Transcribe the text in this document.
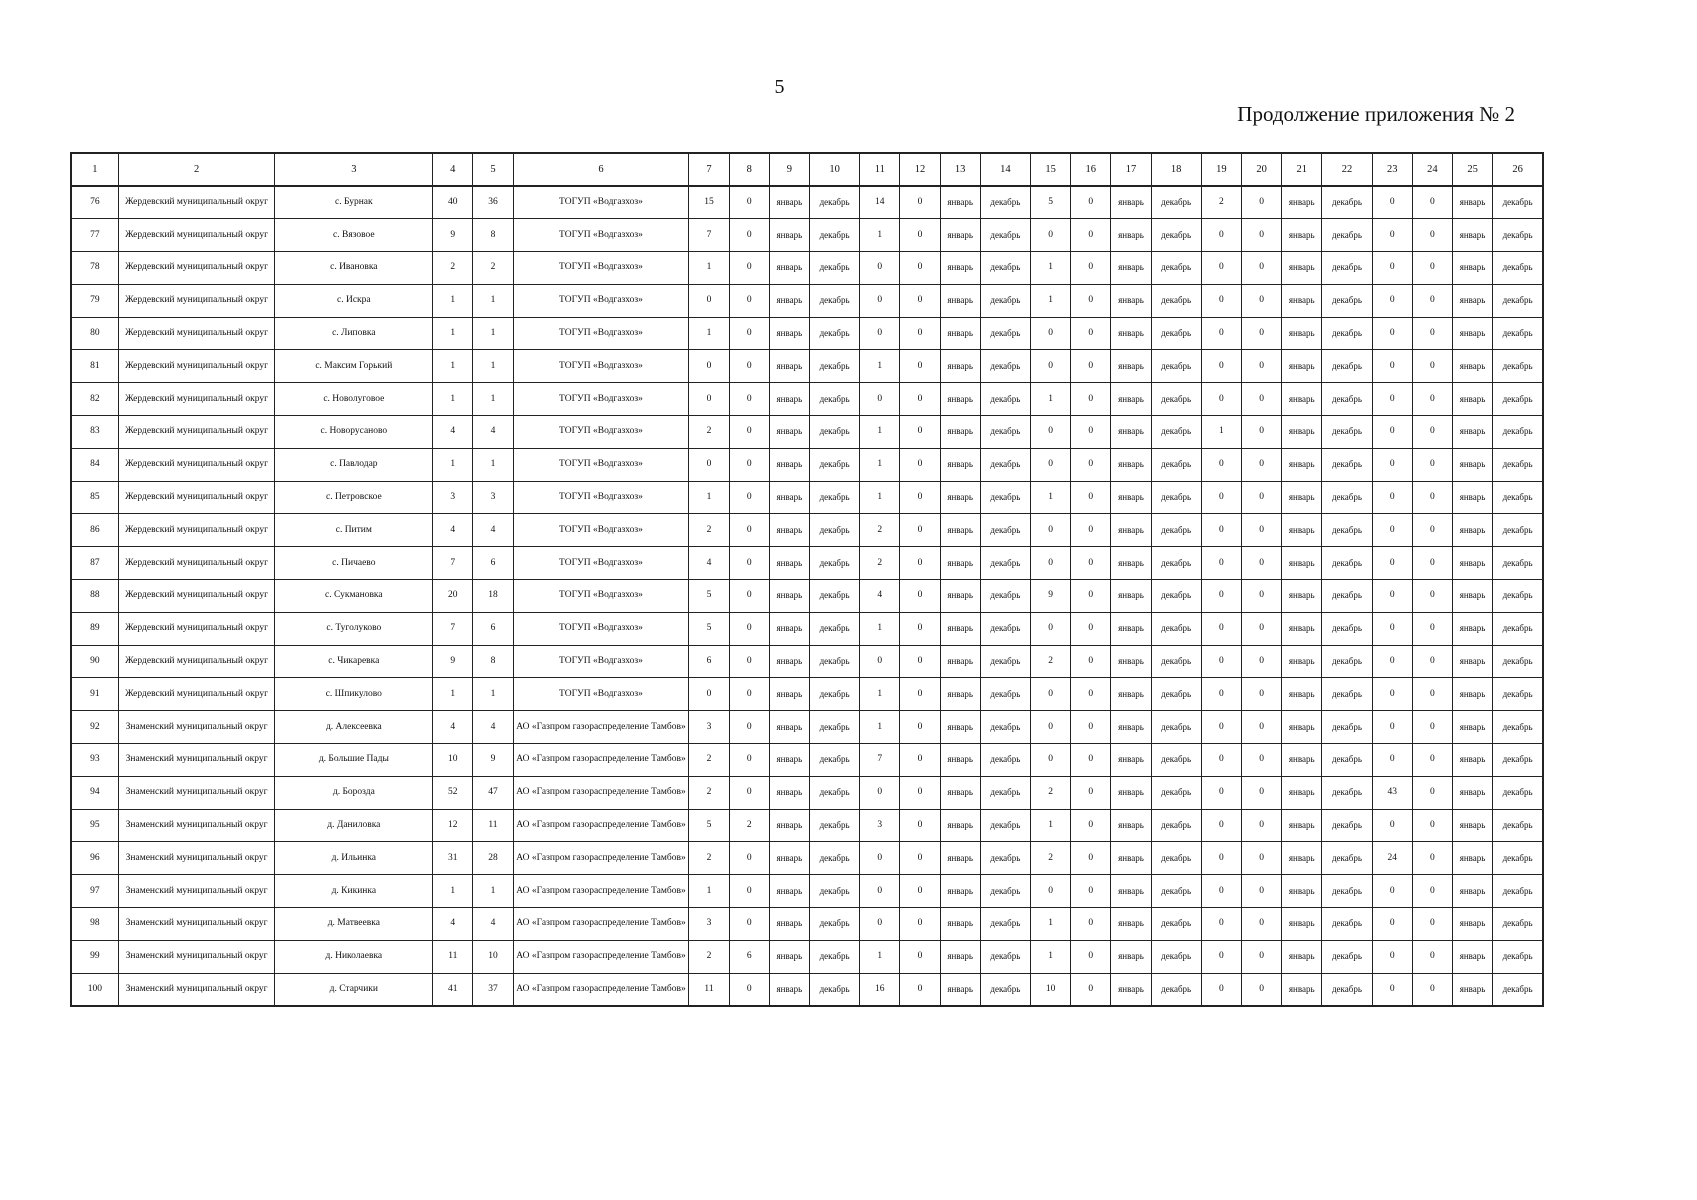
5
Продолжение приложения № 2
1	2	3	4	5	6	7	8	9	10	11	12	13	14	15	16	17	18	19	20	21	22	23	24	25	26
76	Жердевский муниципальный округ	с. Бурнак	40	36	ТОГУП «Водгазхоз»	15	0	январь	декабрь	14	0	январь	декабрь	5	0	январь	декабрь	2	0	январь	декабрь	0	0	январь	декабрь
77	Жердевский муниципальный округ	с. Вязовое	9	8	ТОГУП «Водгазхоз»	7	0	январь	декабрь	1	0	январь	декабрь	0	0	январь	декабрь	0	0	январь	декабрь	0	0	январь	декабрь
78	Жердевский муниципальный округ	с. Ивановка	2	2	ТОГУП «Водгазхоз»	1	0	январь	декабрь	0	0	январь	декабрь	1	0	январь	декабрь	0	0	январь	декабрь	0	0	январь	декабрь
79	Жердевский муниципальный округ	с. Искра	1	1	ТОГУП «Водгазхоз»	0	0	январь	декабрь	0	0	январь	декабрь	1	0	январь	декабрь	0	0	январь	декабрь	0	0	январь	декабрь
80	Жердевский муниципальный округ	с. Липовка	1	1	ТОГУП «Водгазхоз»	1	0	январь	декабрь	0	0	январь	декабрь	0	0	январь	декабрь	0	0	январь	декабрь	0	0	январь	декабрь
81	Жердевский муниципальный округ	с. Максим Горький	1	1	ТОГУП «Водгазхоз»	0	0	январь	декабрь	1	0	январь	декабрь	0	0	январь	декабрь	0	0	январь	декабрь	0	0	январь	декабрь
82	Жердевский муниципальный округ	с. Новолуговое	1	1	ТОГУП «Водгазхоз»	0	0	январь	декабрь	0	0	январь	декабрь	1	0	январь	декабрь	0	0	январь	декабрь	0	0	январь	декабрь
83	Жердевский муниципальный округ	с. Новорусаново	4	4	ТОГУП «Водгазхоз»	2	0	январь	декабрь	1	0	январь	декабрь	0	0	январь	декабрь	1	0	январь	декабрь	0	0	январь	декабрь
84	Жердевский муниципальный округ	с. Павлодар	1	1	ТОГУП «Водгазхоз»	0	0	январь	декабрь	1	0	январь	декабрь	0	0	январь	декабрь	0	0	январь	декабрь	0	0	январь	декабрь
85	Жердевский муниципальный округ	с. Петровское	3	3	ТОГУП «Водгазхоз»	1	0	январь	декабрь	1	0	январь	декабрь	1	0	январь	декабрь	0	0	январь	декабрь	0	0	январь	декабрь
86	Жердевский муниципальный округ	с. Питим	4	4	ТОГУП «Водгазхоз»	2	0	январь	декабрь	2	0	январь	декабрь	0	0	январь	декабрь	0	0	январь	декабрь	0	0	январь	декабрь
87	Жердевский муниципальный округ	с. Пичаево	7	6	ТОГУП «Водгазхоз»	4	0	январь	декабрь	2	0	январь	декабрь	0	0	январь	декабрь	0	0	январь	декабрь	0	0	январь	декабрь
88	Жердевский муниципальный округ	с. Сукмановка	20	18	ТОГУП «Водгазхоз»	5	0	январь	декабрь	4	0	январь	декабрь	9	0	январь	декабрь	0	0	январь	декабрь	0	0	январь	декабрь
89	Жердевский муниципальный округ	с. Туголуково	7	6	ТОГУП «Водгазхоз»	5	0	январь	декабрь	1	0	январь	декабрь	0	0	январь	декабрь	0	0	январь	декабрь	0	0	январь	декабрь
90	Жердевский муниципальный округ	с. Чикаревка	9	8	ТОГУП «Водгазхоз»	6	0	январь	декабрь	0	0	январь	декабрь	2	0	январь	декабрь	0	0	январь	декабрь	0	0	январь	декабрь
91	Жердевский муниципальный округ	с. Шпикулово	1	1	ТОГУП «Водгазхоз»	0	0	январь	декабрь	1	0	январь	декабрь	0	0	январь	декабрь	0	0	январь	декабрь	0	0	январь	декабрь
92	Знаменский муниципальный округ	д. Алексеевка	4	4	АО «Газпром газораспределение Тамбов»	3	0	январь	декабрь	1	0	январь	декабрь	0	0	январь	декабрь	0	0	январь	декабрь	0	0	январь	декабрь
93	Знаменский муниципальный округ	д. Большие Пады	10	9	АО «Газпром газораспределение Тамбов»	2	0	январь	декабрь	7	0	январь	декабрь	0	0	январь	декабрь	0	0	январь	декабрь	0	0	январь	декабрь
94	Знаменский муниципальный округ	д. Борозда	52	47	АО «Газпром газораспределение Тамбов»	2	0	январь	декабрь	0	0	январь	декабрь	2	0	январь	декабрь	0	0	январь	декабрь	43	0	январь	декабрь
95	Знаменский муниципальный округ	д. Даниловка	12	11	АО «Газпром газораспределение Тамбов»	5	2	январь	декабрь	3	0	январь	декабрь	1	0	январь	декабрь	0	0	январь	декабрь	0	0	январь	декабрь
96	Знаменский муниципальный округ	д. Ильинка	31	28	АО «Газпром газораспределение Тамбов»	2	0	январь	декабрь	0	0	январь	декабрь	2	0	январь	декабрь	0	0	январь	декабрь	24	0	январь	декабрь
97	Знаменский муниципальный округ	д. Кикинка	1	1	АО «Газпром газораспределение Тамбов»	1	0	январь	декабрь	0	0	январь	декабрь	0	0	январь	декабрь	0	0	январь	декабрь	0	0	январь	декабрь
98	Знаменский муниципальный округ	д. Матвеевка	4	4	АО «Газпром газораспределение Тамбов»	3	0	январь	декабрь	0	0	январь	декабрь	1	0	январь	декабрь	0	0	январь	декабрь	0	0	январь	декабрь
99	Знаменский муниципальный округ	д. Николаевка	11	10	АО «Газпром газораспределение Тамбов»	2	6	январь	декабрь	1	0	январь	декабрь	1	0	январь	декабрь	0	0	январь	декабрь	0	0	январь	декабрь
100	Знаменский муниципальный округ	д. Старчики	41	37	АО «Газпром газораспределение Тамбов»	11	0	январь	декабрь	16	0	январь	декабрь	10	0	январь	декабрь	0	0	январь	декабрь	0	0	январь	декабрь
